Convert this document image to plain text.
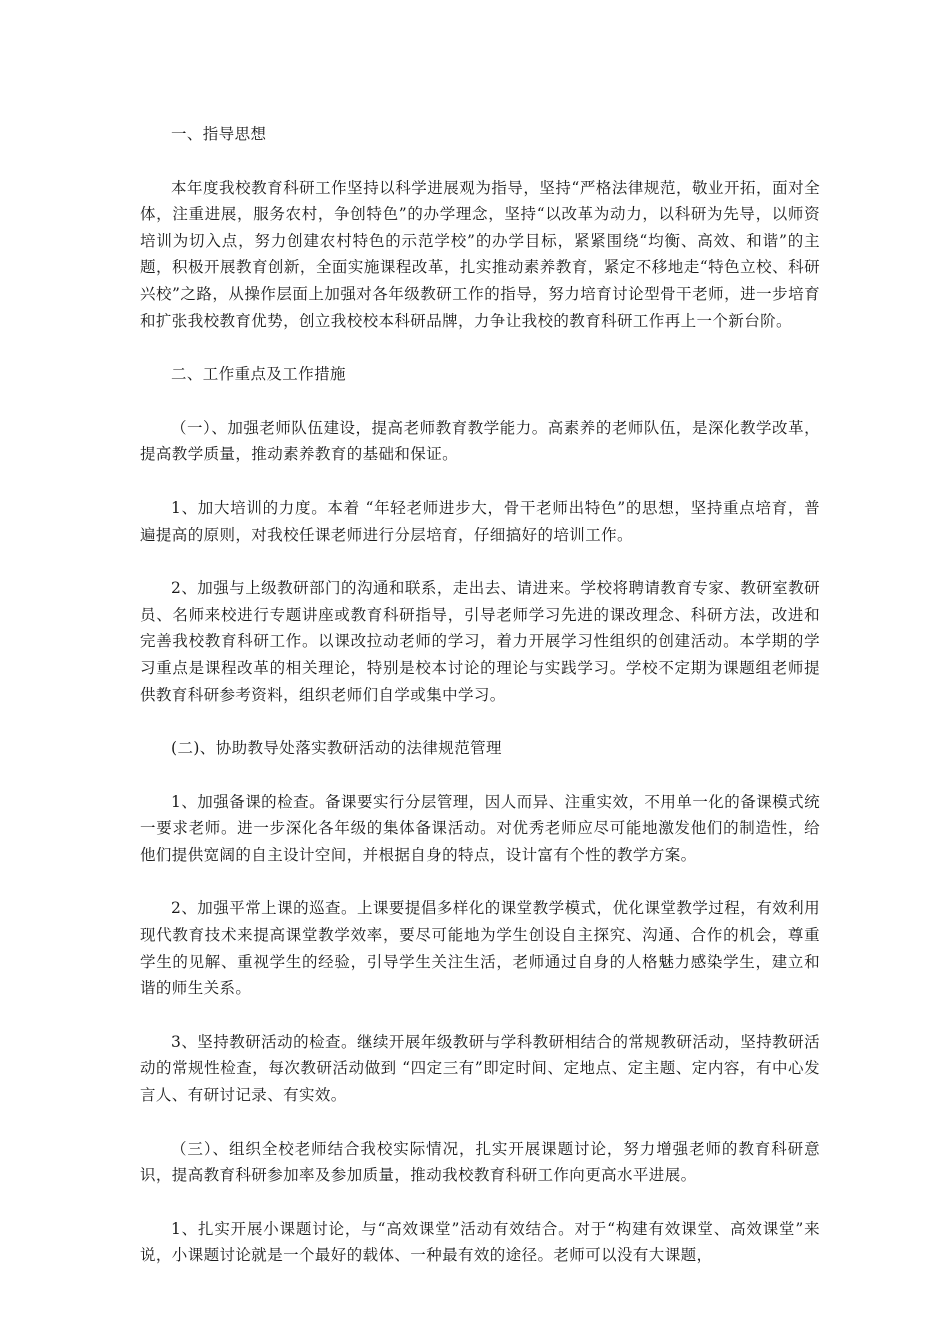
一、指导思想

本年度我校教育科研工作坚持以科学进展观为指导，坚持“严格法律规范，敬业开拓，面对全体，注重进展，服务农村，争创特色”的办学理念，坚持“以改革为动力，以科研为先导，以师资培训为切入点，努力创建农村特色的示范学校”的办学目标，紧紧围绕“均衡、高效、和谐”的主题，积极开展教育创新，全面实施课程改革，扎实推动素养教育，紧定不移地走“特色立校、科研兴校”之路，从操作层面上加强对各年级教研工作的指导，努力培育讨论型骨干老师，进一步培育和扩张我校教育优势，创立我校校本科研品牌，力争让我校的教育科研工作再上一个新台阶。

二、工作重点及工作措施

（一）、加强老师队伍建设，提高老师教育教学能力。高素养的老师队伍，是深化教学改革，提高教学质量，推动素养教育的基础和保证。

1、加大培训的力度。本着 “年轻老师进步大，骨干老师出特色”的思想，坚持重点培育，普遍提高的原则，对我校任课老师进行分层培育，仔细搞好的培训工作。

2、加强与上级教研部门的沟通和联系，走出去、请进来。学校将聘请教育专家、教研室教研员、名师来校进行专题讲座或教育科研指导，引导老师学习先进的课改理念、科研方法，改进和完善我校教育科研工作。以课改拉动老师的学习，着力开展学习性组织的创建活动。本学期的学习重点是课程改革的相关理论，特别是校本讨论的理论与实践学习。学校不定期为课题组老师提供教育科研参考资料，组织老师们自学或集中学习。

(二)、协助教导处落实教研活动的法律规范管理

1、加强备课的检查。备课要实行分层管理，因人而异、注重实效，不用单一化的备课模式统一要求老师。进一步深化各年级的集体备课活动。对优秀老师应尽可能地激发他们的制造性，给他们提供宽阔的自主设计空间，并根据自身的特点，设计富有个性的教学方案。

2、加强平常上课的巡查。上课要提倡多样化的课堂教学模式，优化课堂教学过程，有效利用现代教育技术来提高课堂教学效率，要尽可能地为学生创设自主探究、沟通、合作的机会，尊重学生的见解、重视学生的经验，引导学生关注生活，老师通过自身的人格魅力感染学生，建立和谐的师生关系。

3、坚持教研活动的检查。继续开展年级教研与学科教研相结合的常规教研活动，坚持教研活动的常规性检查，每次教研活动做到 “四定三有”即定时间、定地点、定主题、定内容，有中心发言人、有研讨记录、有实效。

（三）、组织全校老师结合我校实际情况，扎实开展课题讨论，努力增强老师的教育科研意识，提高教育科研参加率及参加质量，推动我校教育科研工作向更高水平进展。

1、扎实开展小课题讨论，与“高效课堂”活动有效结合。对于“构建有效课堂、高效课堂”来说，小课题讨论就是一个最好的载体、一种最有效的途径。老师可以没有大课题，
